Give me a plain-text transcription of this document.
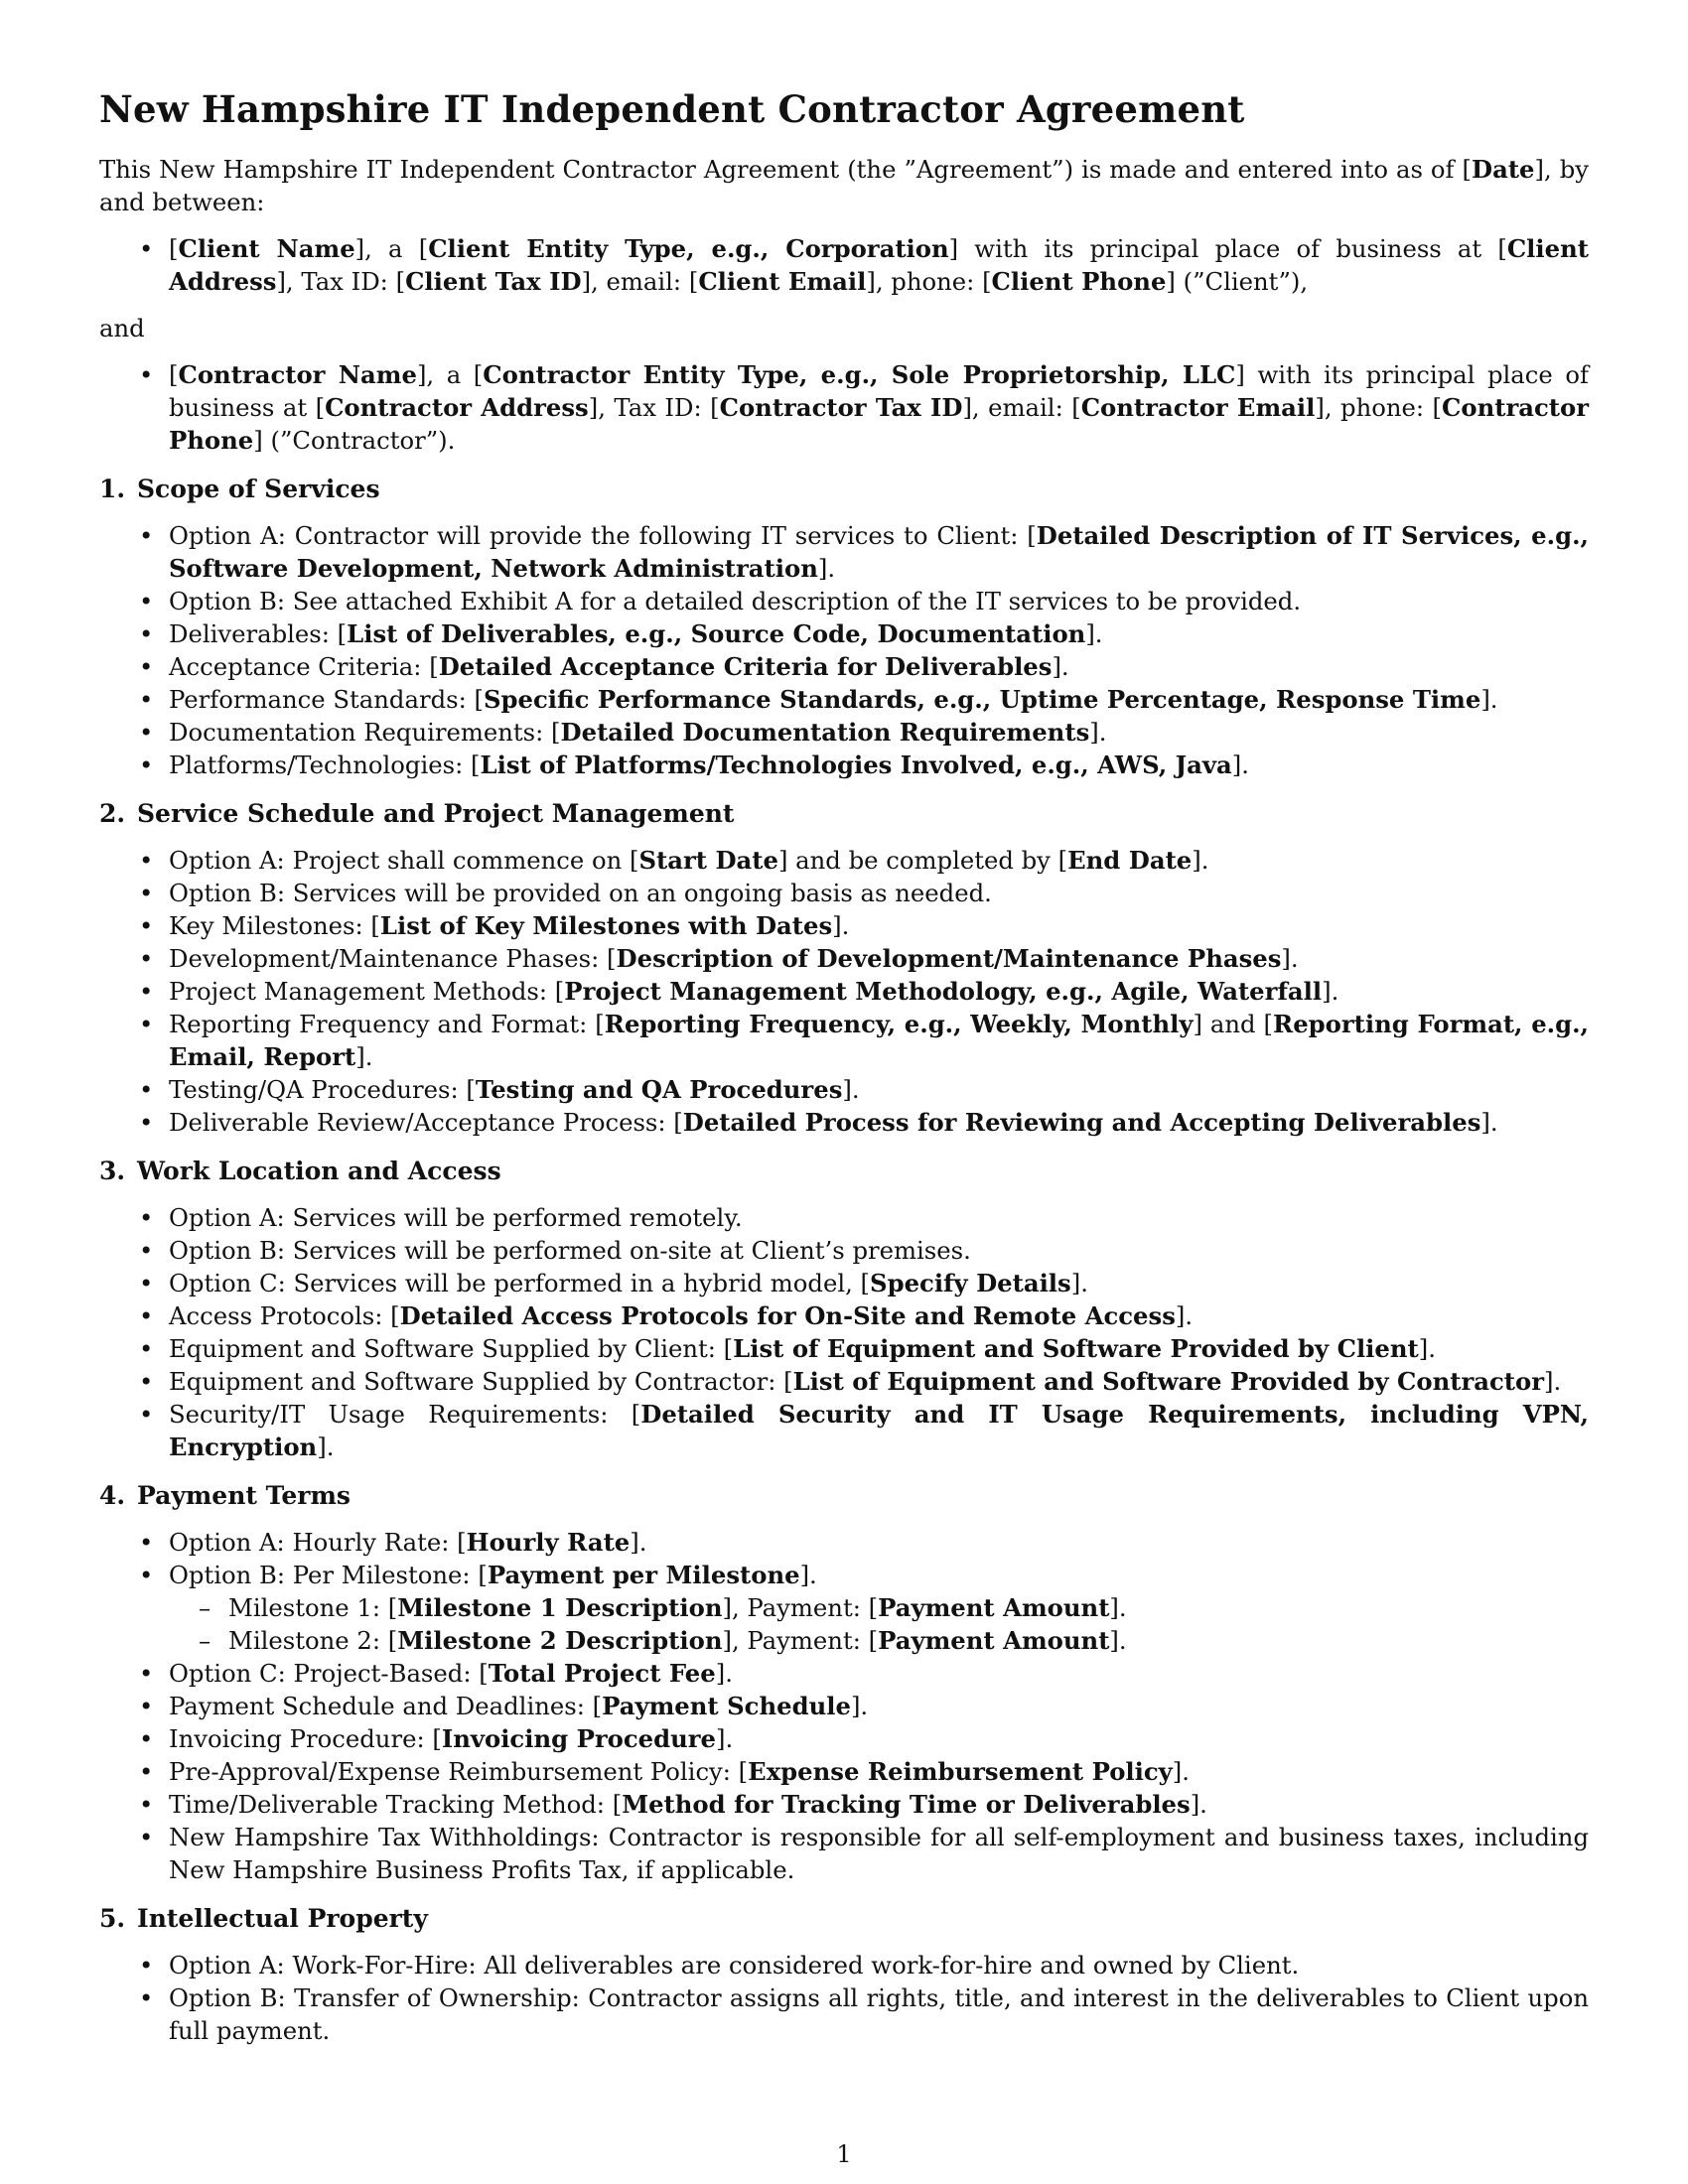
New Hampshire IT Independent Contractor Agreement

This New Hampshire IT Independent Contractor Agreement (the ”Agreement”) is made and entered into as of [Date], by and between:

• [Client Name], a [Client Entity Type, e.g., Corporation] with its principal place of business at [Client Address], Tax ID: [Client Tax ID], email: [Client Email], phone: [Client Phone] (”Client”),

and

• [Contractor Name], a [Contractor Entity Type, e.g., Sole Proprietorship, LLC] with its principal place of business at [Contractor Address], Tax ID: [Contractor Tax ID], email: [Contractor Email], phone: [Contractor Phone] (”Contractor”).
1. Scope of Services
• Option A: Contractor will provide the following IT services to Client: [Detailed Description of IT Services, e.g., Software Development, Network Administration].
• Option B: See attached Exhibit A for a detailed description of the IT services to be provided.
• Deliverables: [List of Deliverables, e.g., Source Code, Documentation].
• Acceptance Criteria: [Detailed Acceptance Criteria for Deliverables].
• Performance Standards: [Specific Performance Standards, e.g., Uptime Percentage, Response Time].
• Documentation Requirements: [Detailed Documentation Requirements].
• Platforms/Technologies: [List of Platforms/Technologies Involved, e.g., AWS, Java].
2. Service Schedule and Project Management
• Option A: Project shall commence on [Start Date] and be completed by [End Date].
• Option B: Services will be provided on an ongoing basis as needed.
• Key Milestones: [List of Key Milestones with Dates].
• Development/Maintenance Phases: [Description of Development/Maintenance Phases].
• Project Management Methods: [Project Management Methodology, e.g., Agile, Waterfall].
• Reporting Frequency and Format: [Reporting Frequency, e.g., Weekly, Monthly] and [Reporting Format, e.g., Email, Report].
• Testing/QA Procedures: [Testing and QA Procedures].
• Deliverable Review/Acceptance Process: [Detailed Process for Reviewing and Accepting Deliverables].
3. Work Location and Access
• Option A: Services will be performed remotely.
• Option B: Services will be performed on-site at Client’s premises.
• Option C: Services will be performed in a hybrid model, [Specify Details].
• Access Protocols: [Detailed Access Protocols for On-Site and Remote Access].
• Equipment and Software Supplied by Client: [List of Equipment and Software Provided by Client].
• Equipment and Software Supplied by Contractor: [List of Equipment and Software Provided by Contractor].
• Security/IT Usage Requirements: [Detailed Security and IT Usage Requirements, including VPN, Encryption].
4. Payment Terms
• Option A: Hourly Rate: [Hourly Rate].
• Option B: Per Milestone: [Payment per Milestone].
– Milestone 1: [Milestone 1 Description], Payment: [Payment Amount].
– Milestone 2: [Milestone 2 Description], Payment: [Payment Amount].
• Option C: Project-Based: [Total Project Fee].
• Payment Schedule and Deadlines: [Payment Schedule].
• Invoicing Procedure: [Invoicing Procedure].
• Pre-Approval/Expense Reimbursement Policy: [Expense Reimbursement Policy].
• Time/Deliverable Tracking Method: [Method for Tracking Time or Deliverables].
• New Hampshire Tax Withholdings: Contractor is responsible for all self-employment and business taxes, including New Hampshire Business Profits Tax, if applicable.
5. Intellectual Property
• Option A: Work-For-Hire: All deliverables are considered work-for-hire and owned by Client.
• Option B: Transfer of Ownership: Contractor assigns all rights, title, and interest in the deliverables to Client upon full payment.
1
